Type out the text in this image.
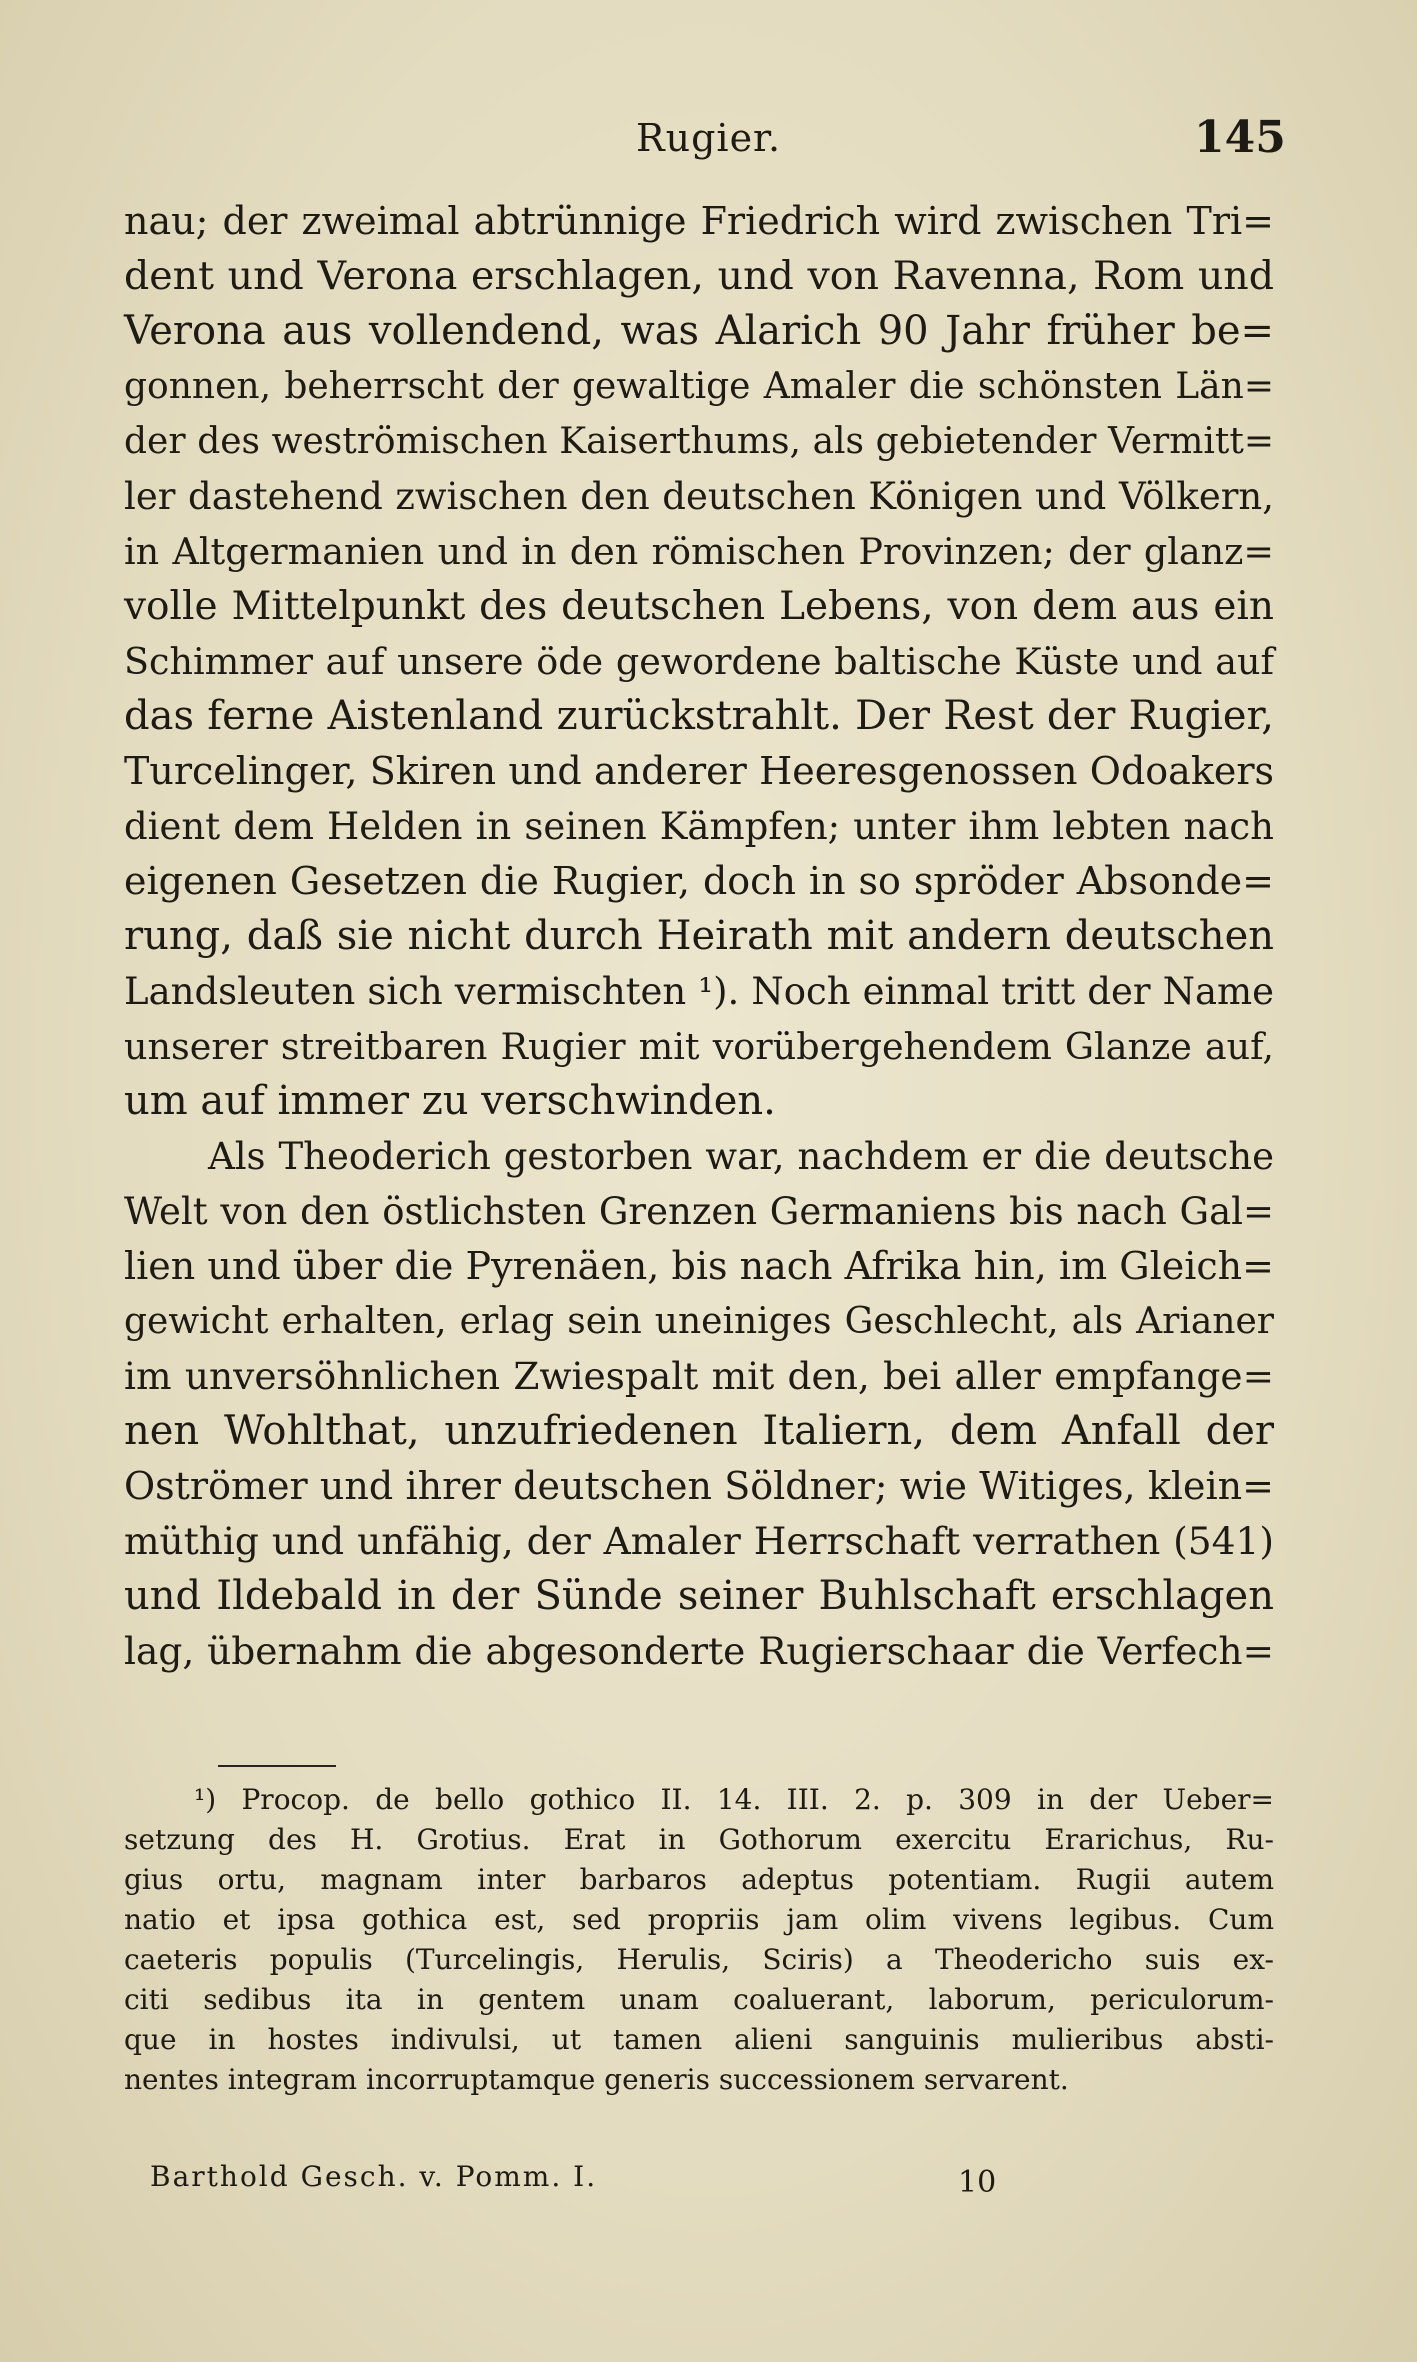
Rugier.	145
nau; der zweimal abtrünnige Friedrich wird zwischen Tri=
dent und Verona erschlagen, und von Ravenna, Rom und
Verona aus vollendend, was Alarich 90 Jahr früher be=
gonnen, beherrscht der gewaltige Amaler die schönsten Län=
der des weströmischen Kaiserthums, als gebietender Vermitt=
ler dastehend zwischen den deutschen Königen und Völkern,
in Altgermanien und in den römischen Provinzen; der glanz=
volle Mittelpunkt des deutschen Lebens, von dem aus ein
Schimmer auf unsere öde gewordene baltische Küste und auf
das ferne Aistenland zurückstrahlt. Der Rest der Rugier,
Turcelinger, Skiren und anderer Heeresgenossen Odoakers
dient dem Helden in seinen Kämpfen; unter ihm lebten nach
eigenen Gesetzen die Rugier, doch in so spröder Absonde=
rung, daß sie nicht durch Heirath mit andern deutschen
Landsleuten sich vermischten ¹). Noch einmal tritt der Name
unserer streitbaren Rugier mit vorübergehendem Glanze auf,
um auf immer zu verschwinden.
Als Theoderich gestorben war, nachdem er die deutsche
Welt von den östlichsten Grenzen Germaniens bis nach Gal=
lien und über die Pyrenäen, bis nach Afrika hin, im Gleich=
gewicht erhalten, erlag sein uneiniges Geschlecht, als Arianer
im unversöhnlichen Zwiespalt mit den, bei aller empfange=
nen Wohlthat, unzufriedenen Italiern, dem Anfall der
Oströmer und ihrer deutschen Söldner; wie Witiges, klein=
müthig und unfähig, der Amaler Herrschaft verrathen (541)
und Ildebald in der Sünde seiner Buhlschaft erschlagen
lag, übernahm die abgesonderte Rugierschaar die Verfech=
¹) Procop. de bello gothico II. 14. III. 2. p. 309 in der Ueber=
setzung des H. Grotius. Erat in Gothorum exercitu Erarichus, Ru-
gius ortu, magnam inter barbaros adeptus potentiam. Rugii autem
natio et ipsa gothica est, sed propriis jam olim vivens legibus. Cum
caeteris populis (Turcelingis, Herulis, Sciris) a Theodericho suis ex-
citi sedibus ita in gentem unam coaluerant, laborum, periculorum-
que in hostes indivulsi, ut tamen alieni sanguinis mulieribus absti-
nentes integram incorruptamque generis successionem servarent.
Barthold Gesch. v. Pomm. I.	10
